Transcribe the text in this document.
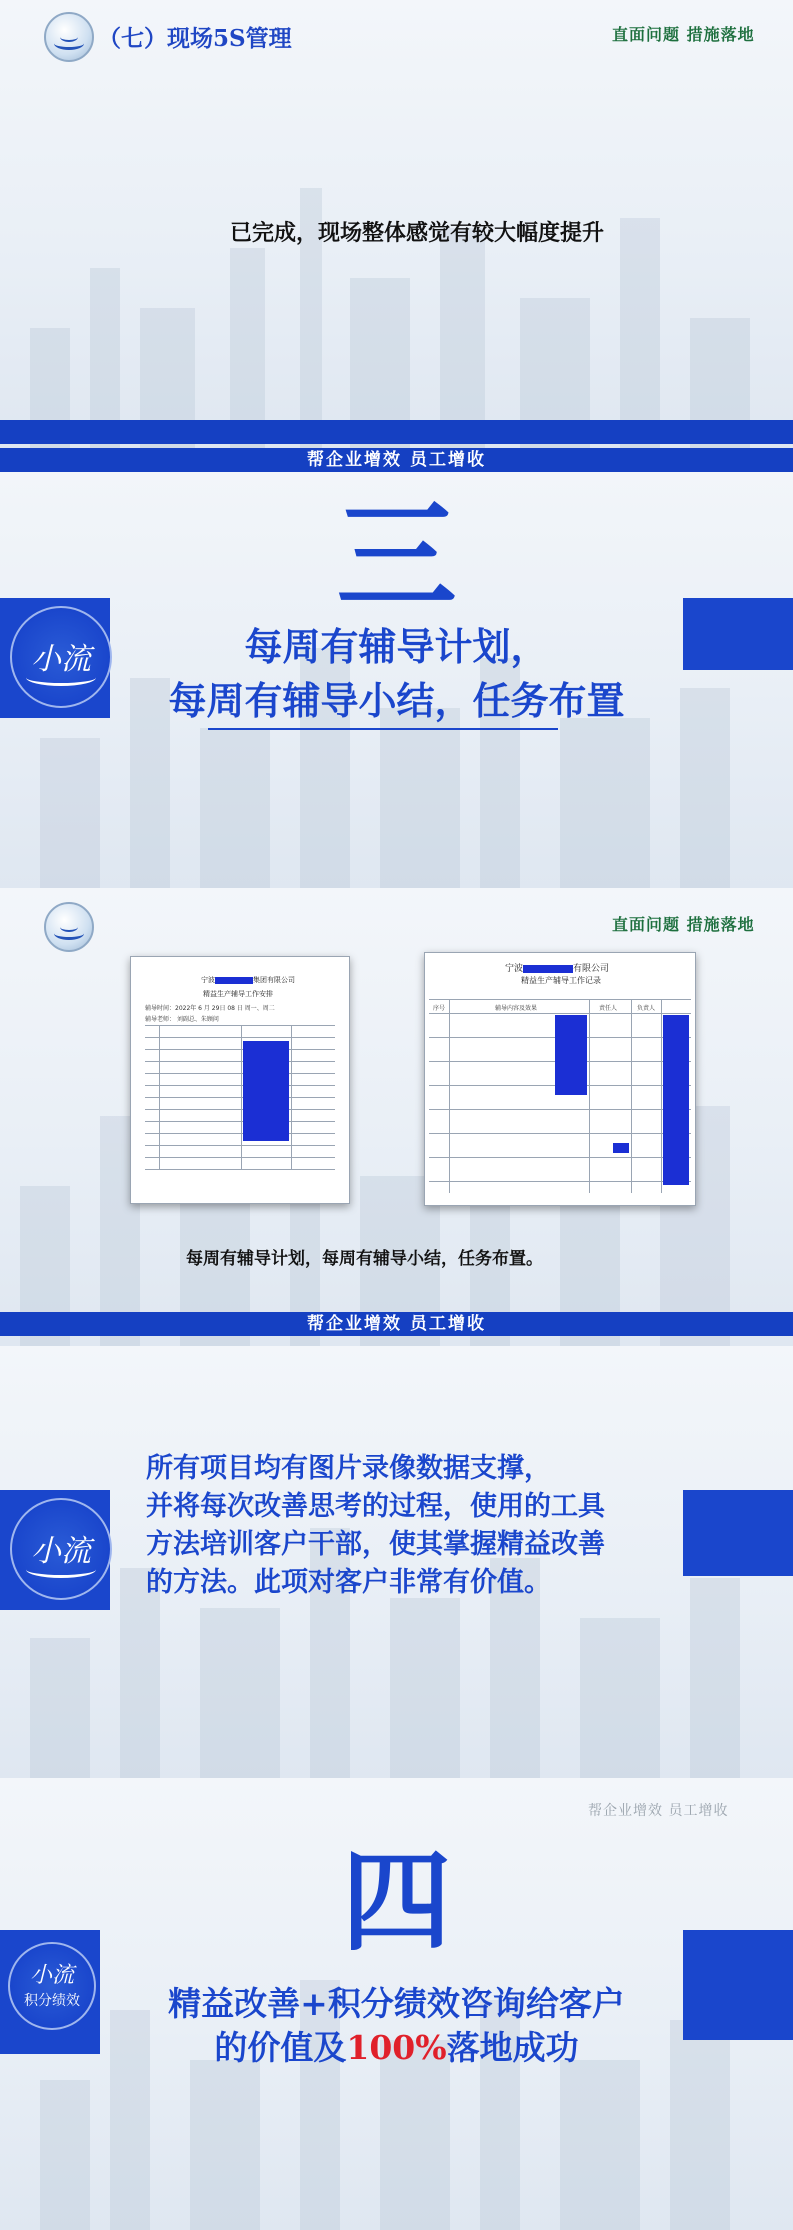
（七）现场5S管理	直面问题 措施落地
已完成，现场整体感觉有较大幅度提升
帮企业增效 员工增收
小流
三
每周有辅导计划，
每周有辅导小结，任务布置
直面问题 措施落地
宁波	集团有限公司
精益生产辅导工作安排
辅导时间：2022年 6 月 29日 08 日 周一、周二
辅导老师： 刘副总、朱顾问
宁波	有限公司
精益生产辅导工作记录
序号	辅导内容及效果	责任人	负责人
每周有辅导计划，每周有辅导小结，任务布置。
帮企业增效 员工增收
小流
所有项目均有图片录像数据支撑，
并将每次改善思考的过程，使用的工具
方法培训客户干部，使其掌握精益改善
的方法。此项对客户非常有价值。
帮企业增效 员工增收
小流
积分绩效
四
精益改善+积分绩效咨询给客户
的价值及100%落地成功
